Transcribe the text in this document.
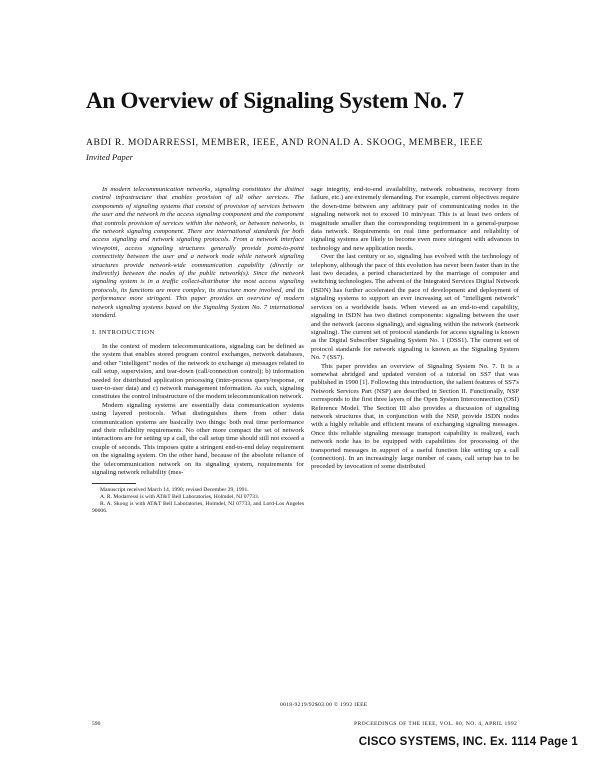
An Overview of Signaling System No. 7
ABDI R. MODARRESSI, MEMBER, IEEE, AND RONALD A. SKOOG, MEMBER, IEEE
Invited Paper
In modern telecommunication networks, signaling constitutes the distinct control infrastructure that enables provision of all other services. The components of signaling systems that consist of provision of services between the user and the network in the access signaling component and the component that controls provision of services within the network, or between networks, is the network signaling component. There are international standards for both access signaling and network signaling protocols. From a network interface viewpoint, access signaling structures generally provide point-to-point connectivity between the user and a network node while network signaling structures provide network-wide communication capability (directly or indirectly) between the nodes of the public network(s). Since the network signaling system is in a traffic collect-distributor the most access signaling protocols, its functions are more complex, its structure more involved, and its performance more stringent. This paper provides an overview of modern network signaling systems based on the Signaling System No. 7 international standard.
I. INTRODUCTION

In the context of modern telecommunications, signaling can be defined as the system that enables stored program control exchanges, network databases, and other "intelligent" nodes of the network to exchange a) messages related to call setup, supervision, and tear-down (call/connection control); b) information needed for distributed application processing (inter-process query/response, or user-to-user data) and c) network management information. As such, signaling constitutes the control infrastructure of the modern telecommunication network.

Modern signaling systems are essentially data communication systems using layered protocols. What distinguishes them from other data communication systems are basically two things: both real time performance and their reliability requirements. No other more compact the set of network interactions are for setting up a call, the call setup time should still not exceed a couple of seconds. This imposes quite a stringent end-to-end delay requirement on the signaling system. On the other hand, because of the absolute reliance of the telecommunication network on its signaling system, requirements for signaling network reliability (mes-

Manuscript received March 14, 1990; revised December 29, 1991.
A. R. Modarressi is with AT&T Bell Laboratories, Holmdel, NJ 07733.
R. A. Skoog is with AT&T Bell Laboratories, Holmdel, NJ 07733, and Lord-Los Angeles 90006.

sage integrity, end-to-end availability, network robustness, recovery from failure, etc.) are extremely demanding. For example, current objectives require the down-time between any arbitrary pair of communicating nodes in the signaling network not to exceed 10 min/year. This is at least two orders of magnitude smaller than the corresponding requirement in a general-purpose data network. Requirements on real time performance and reliability of signaling systems are likely to become even more stringent with advances in technology and new application needs.

Over the last century or so, signaling has evolved with the technology of telephony, although the pace of this evolution has never been faster than in the last two decades, a period characterized by the marriage of computer and switching technologies. The advent of the Integrated Services Digital Network (ISDN) has further accelerated the pace of development and deployment of signaling systems to support an ever increasing set of "intelligent network" services on a worldwide basis. When viewed as an end-to-end capability, signaling in ISDN has two distinct components: signaling between the user and the network (access signaling), and signaling within the network (network signaling). The current set of protocol standards for access signaling is known as the Digital Subscriber Signaling System No. 1 (DSS1). The current set of protocol standards for network signaling is known as the Signaling System No. 7 (SS7).

This paper provides an overview of Signaling System No. 7. It is a somewhat abridged and updated version of a tutorial on SS7 that was published in 1990 [1]. Following this introduction, the salient features of SS7's Network Services Part (NSP) are described in Section II. Functionally, NSP corresponds to the first three layers of the Open System Interconnection (OSI) Reference Model. The Section III also provides a discussion of signaling network structures that, in conjunction with the NSP, provide ISDN nodes with a highly reliable and efficient means of exchanging signaling messages. Once this reliable signaling message transport capability is realized, each network node has to be equipped with capabilities for processing of the transported messages in support of a useful function like setting up a call (connection). In an increasingly large number of cases, call setup has to be preceded by invocation of some distributed

0018-9219/92$03.00 © 1992 IEEE
590	PROCEEDINGS OF THE IEEE, VOL. 80, NO. 4, APRIL 1992
CISCO SYSTEMS, INC. Ex. 1114 Page 1
